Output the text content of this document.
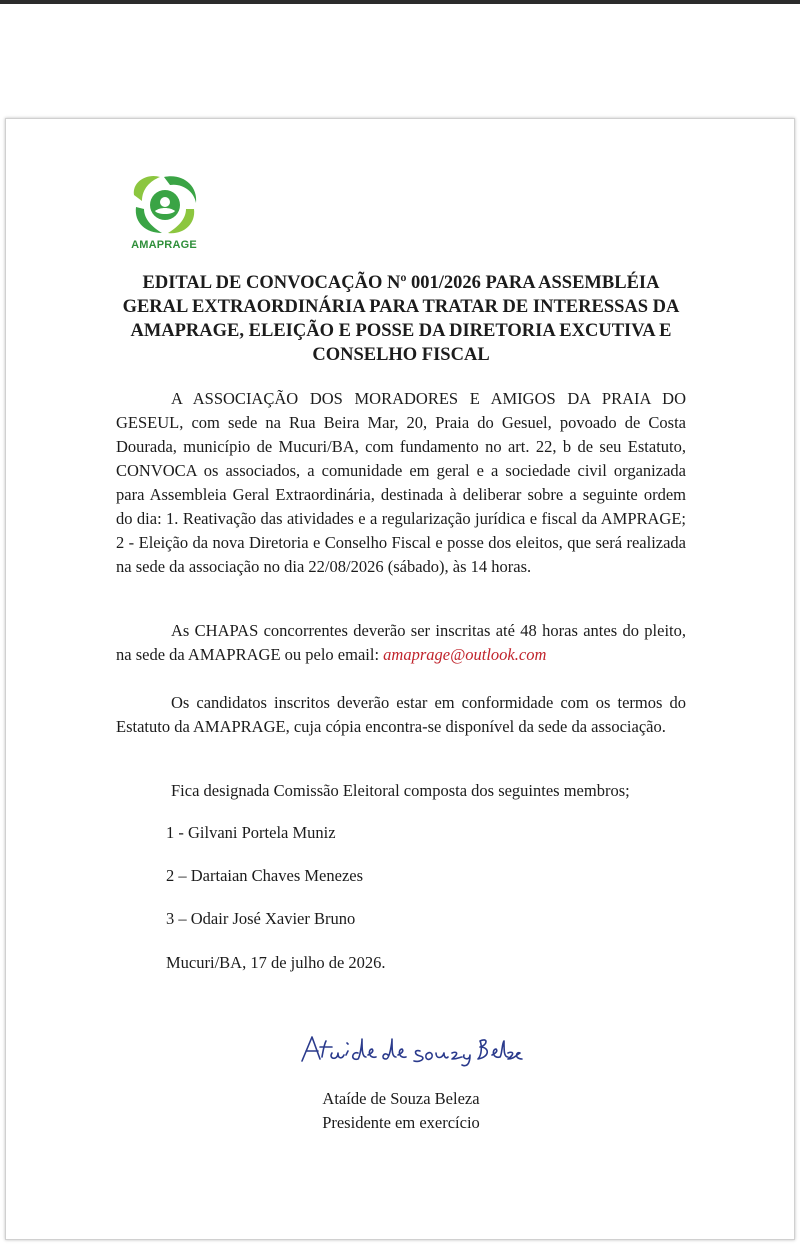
AMAPRAGE
EDITAL DE CONVOCAÇÃO Nº 001/2026 PARA ASSEMBLÉIA GERAL EXTRAORDINÁRIA PARA TRATAR DE INTERESSAS DA AMAPRAGE, ELEIÇÃO E POSSE DA DIRETORIA EXCUTIVA E CONSELHO FISCAL

A ASSOCIAÇÃO DOS MORADORES E AMIGOS DA PRAIA DO GESEUL, com sede na Rua Beira Mar, 20, Praia do Gesuel, povoado de Costa Dourada, município de Mucuri/BA, com fundamento no art. 22, b de seu Estatuto, CONVOCA os associados, a comunidade em geral e a sociedade civil organizada para Assembleia Geral Extraordinária, destinada à deliberar sobre a seguinte ordem do dia: 1. Reativação das atividades e a regularização jurídica e fiscal da AMPRAGE; 2 - Eleição da nova Diretoria e Conselho Fiscal e posse dos eleitos, que será realizada na sede da associação no dia 22/08/2026 (sábado), às 14 horas.

As CHAPAS concorrentes deverão ser inscritas até 48 horas antes do pleito, na sede da AMAPRAGE ou pelo email: amaprage@outlook.com

Os candidatos inscritos deverão estar em conformidade com os termos do Estatuto da AMAPRAGE, cuja cópia encontra-se disponível da sede da associação.

Fica designada Comissão Eleitoral composta dos seguintes membros;

1 - Gilvani Portela Muniz

2 – Dartaian Chaves Menezes

3 – Odair José Xavier Bruno

Mucuri/BA, 17 de julho de 2026.

Ataíde de Souza Beleza

Presidente em exercício
